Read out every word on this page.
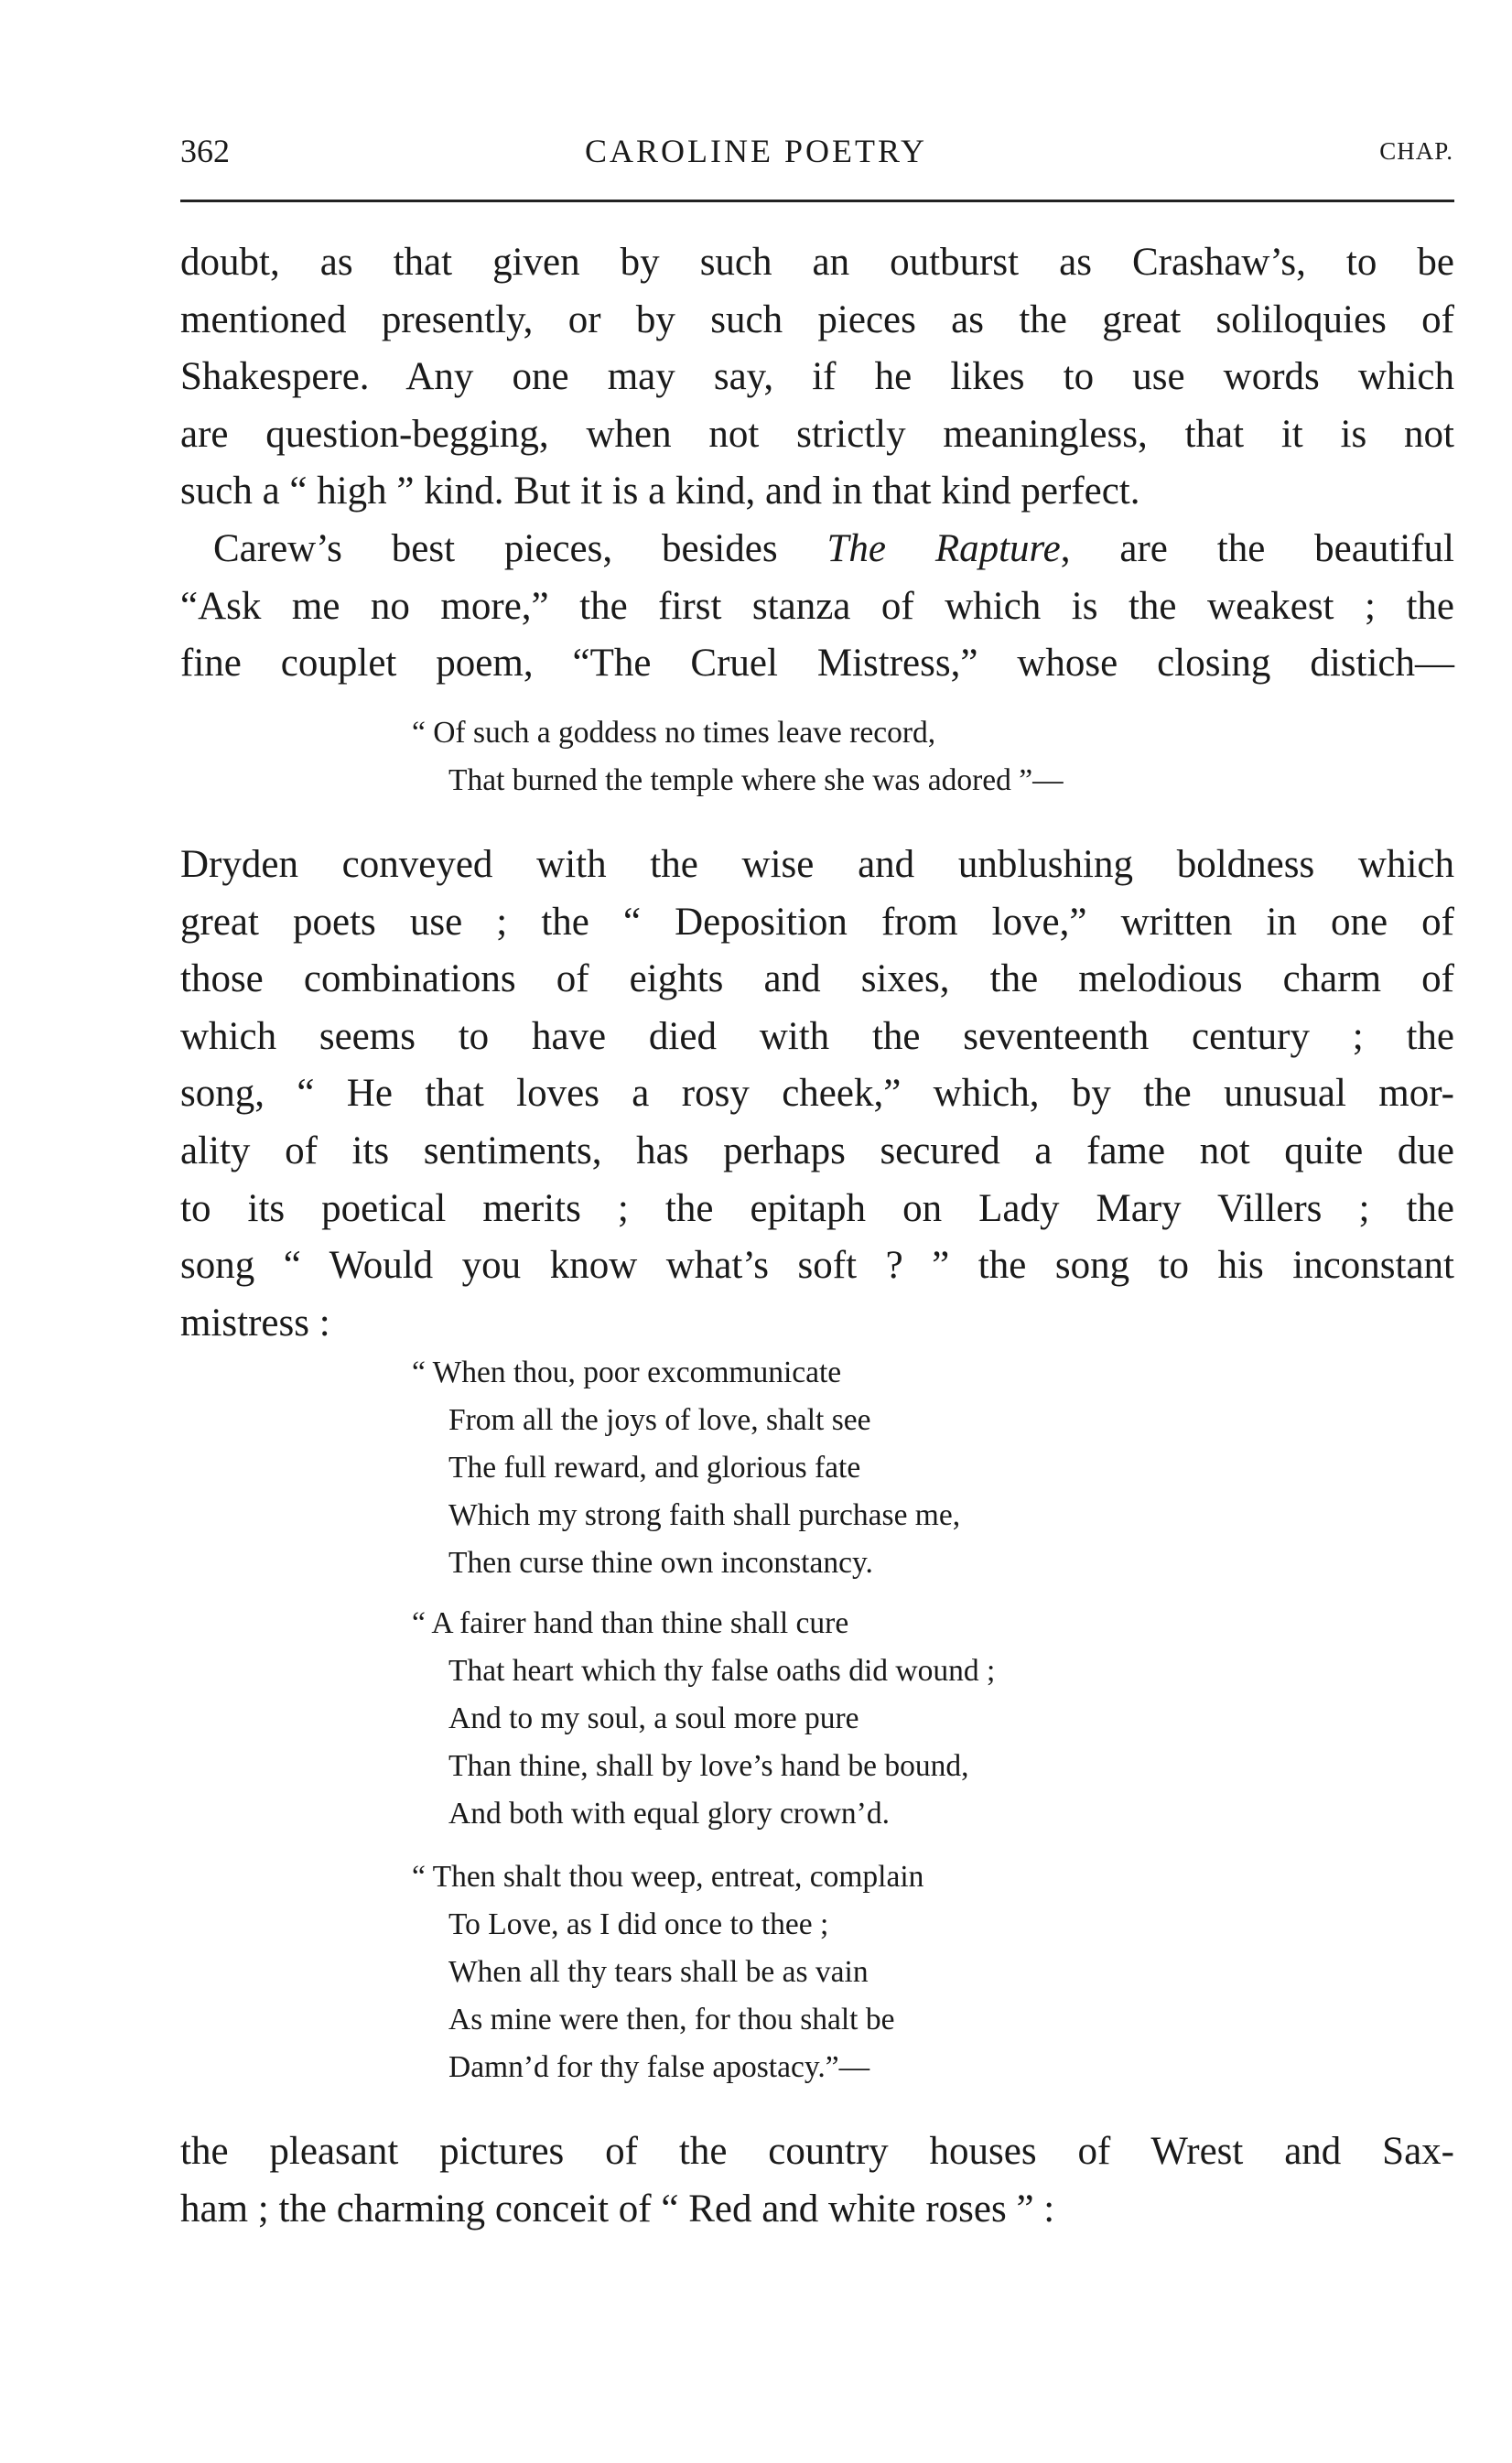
362	CAROLINE POETRY	CHAP.
doubt, as that given by such an outburst as Crashaw’s, to be
mentioned presently, or by such pieces as the great soliloquies of
Shakespere. Any one may say, if he likes to use words which
are question-begging, when not strictly meaningless, that it is not
such a “ high ” kind. But it is a kind, and in that kind perfect.
Carew’s best pieces, besides The Rapture, are the beautiful
“Ask me no more,” the first stanza of which is the weakest ; the
fine couplet poem, “The Cruel Mistress,” whose closing distich—
“ Of such a goddess no times leave record,
That burned the temple where she was adored ”—
Dryden conveyed with the wise and unblushing boldness which
great poets use ; the “ Deposition from love,” written in one of
those combinations of eights and sixes, the melodious charm of
which seems to have died with the seventeenth century ; the
song, “ He that loves a rosy cheek,” which, by the unusual mor-
ality of its sentiments, has perhaps secured a fame not quite due
to its poetical merits ; the epitaph on Lady Mary Villers ; the
song “ Would you know what’s soft ? ” the song to his inconstant
mistress :
“ When thou, poor excommunicate
From all the joys of love, shalt see
The full reward, and glorious fate
Which my strong faith shall purchase me,
Then curse thine own inconstancy.
“ A fairer hand than thine shall cure
That heart which thy false oaths did wound ;
And to my soul, a soul more pure
Than thine, shall by love’s hand be bound,
And both with equal glory crown’d.
“ Then shalt thou weep, entreat, complain
To Love, as I did once to thee ;
When all thy tears shall be as vain
As mine were then, for thou shalt be
Damn’d for thy false apostacy.”—
the pleasant pictures of the country houses of Wrest and Sax-
ham ; the charming conceit of “ Red and white roses ” :
